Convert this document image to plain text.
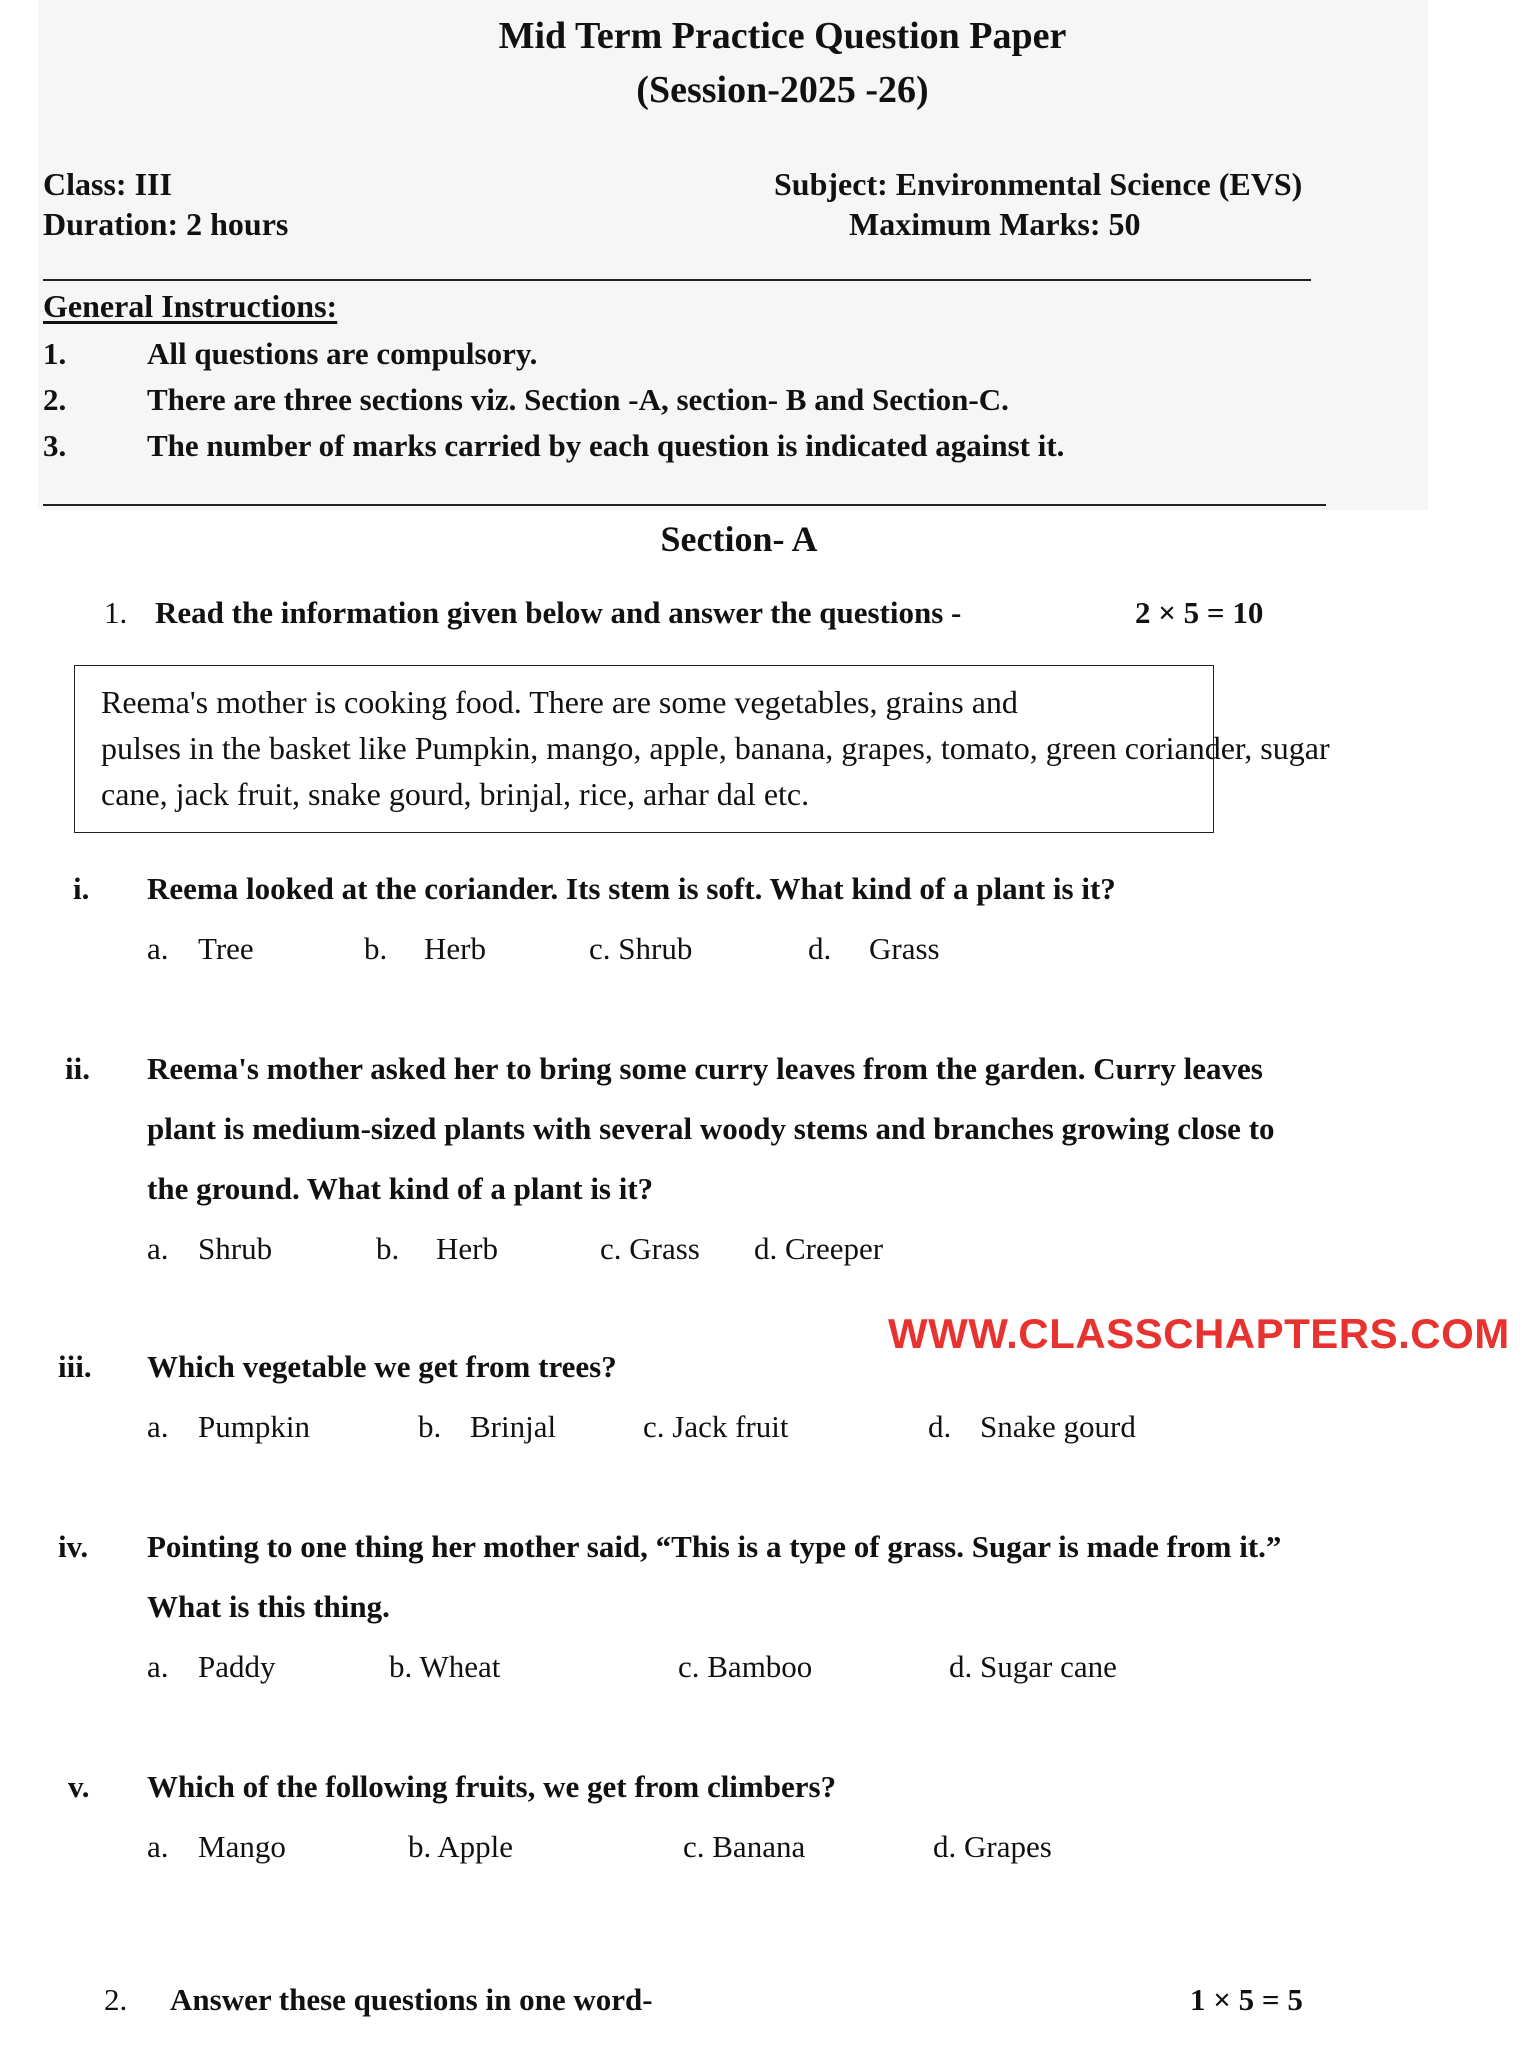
Mid Term Practice Question Paper
(Session-2025 -26)
Class: III	Subject: Environmental Science (EVS)
Duration: 2 hours	Maximum Marks: 50
General Instructions:
1.	All questions are compulsory.
2.	There are three sections viz. Section -A, section- B and Section-C.
3.	The number of marks carried by each question is indicated against it.
Section- A
1. Read the information given below and answer the questions -	2 × 5 = 10
Reema's mother is cooking food. There are some vegetables, grains and
pulses in the basket like Pumpkin, mango, apple, banana, grapes, tomato, green coriander, sugar
cane, jack fruit, snake gourd, brinjal, rice, arhar dal etc.
i. Reema looked at the coriander. Its stem is soft. What kind of a plant is it?
a. Tree	b. Herb	c. Shrub	d. Grass
ii. Reema's mother asked her to bring some curry leaves from the garden. Curry leaves
plant is medium-sized plants with several woody stems and branches growing close to
the ground. What kind of a plant is it?
a. Shrub	b. Herb	c. Grass d. Creeper
WWW.CLASSCHAPTERS.COM
iii. Which vegetable we get from trees?
a. Pumpkin	b. Brinjal	c. Jack fruit	d. Snake gourd
iv. Pointing to one thing her mother said, “This is a type of grass. Sugar is made from it.”
What is this thing.
a. Paddy	b. Wheat	c. Bamboo	d. Sugar cane
v. Which of the following fruits, we get from climbers?
a. Mango	b. Apple	c. Banana	d. Grapes
2. Answer these questions in one word-	1 × 5 = 5
